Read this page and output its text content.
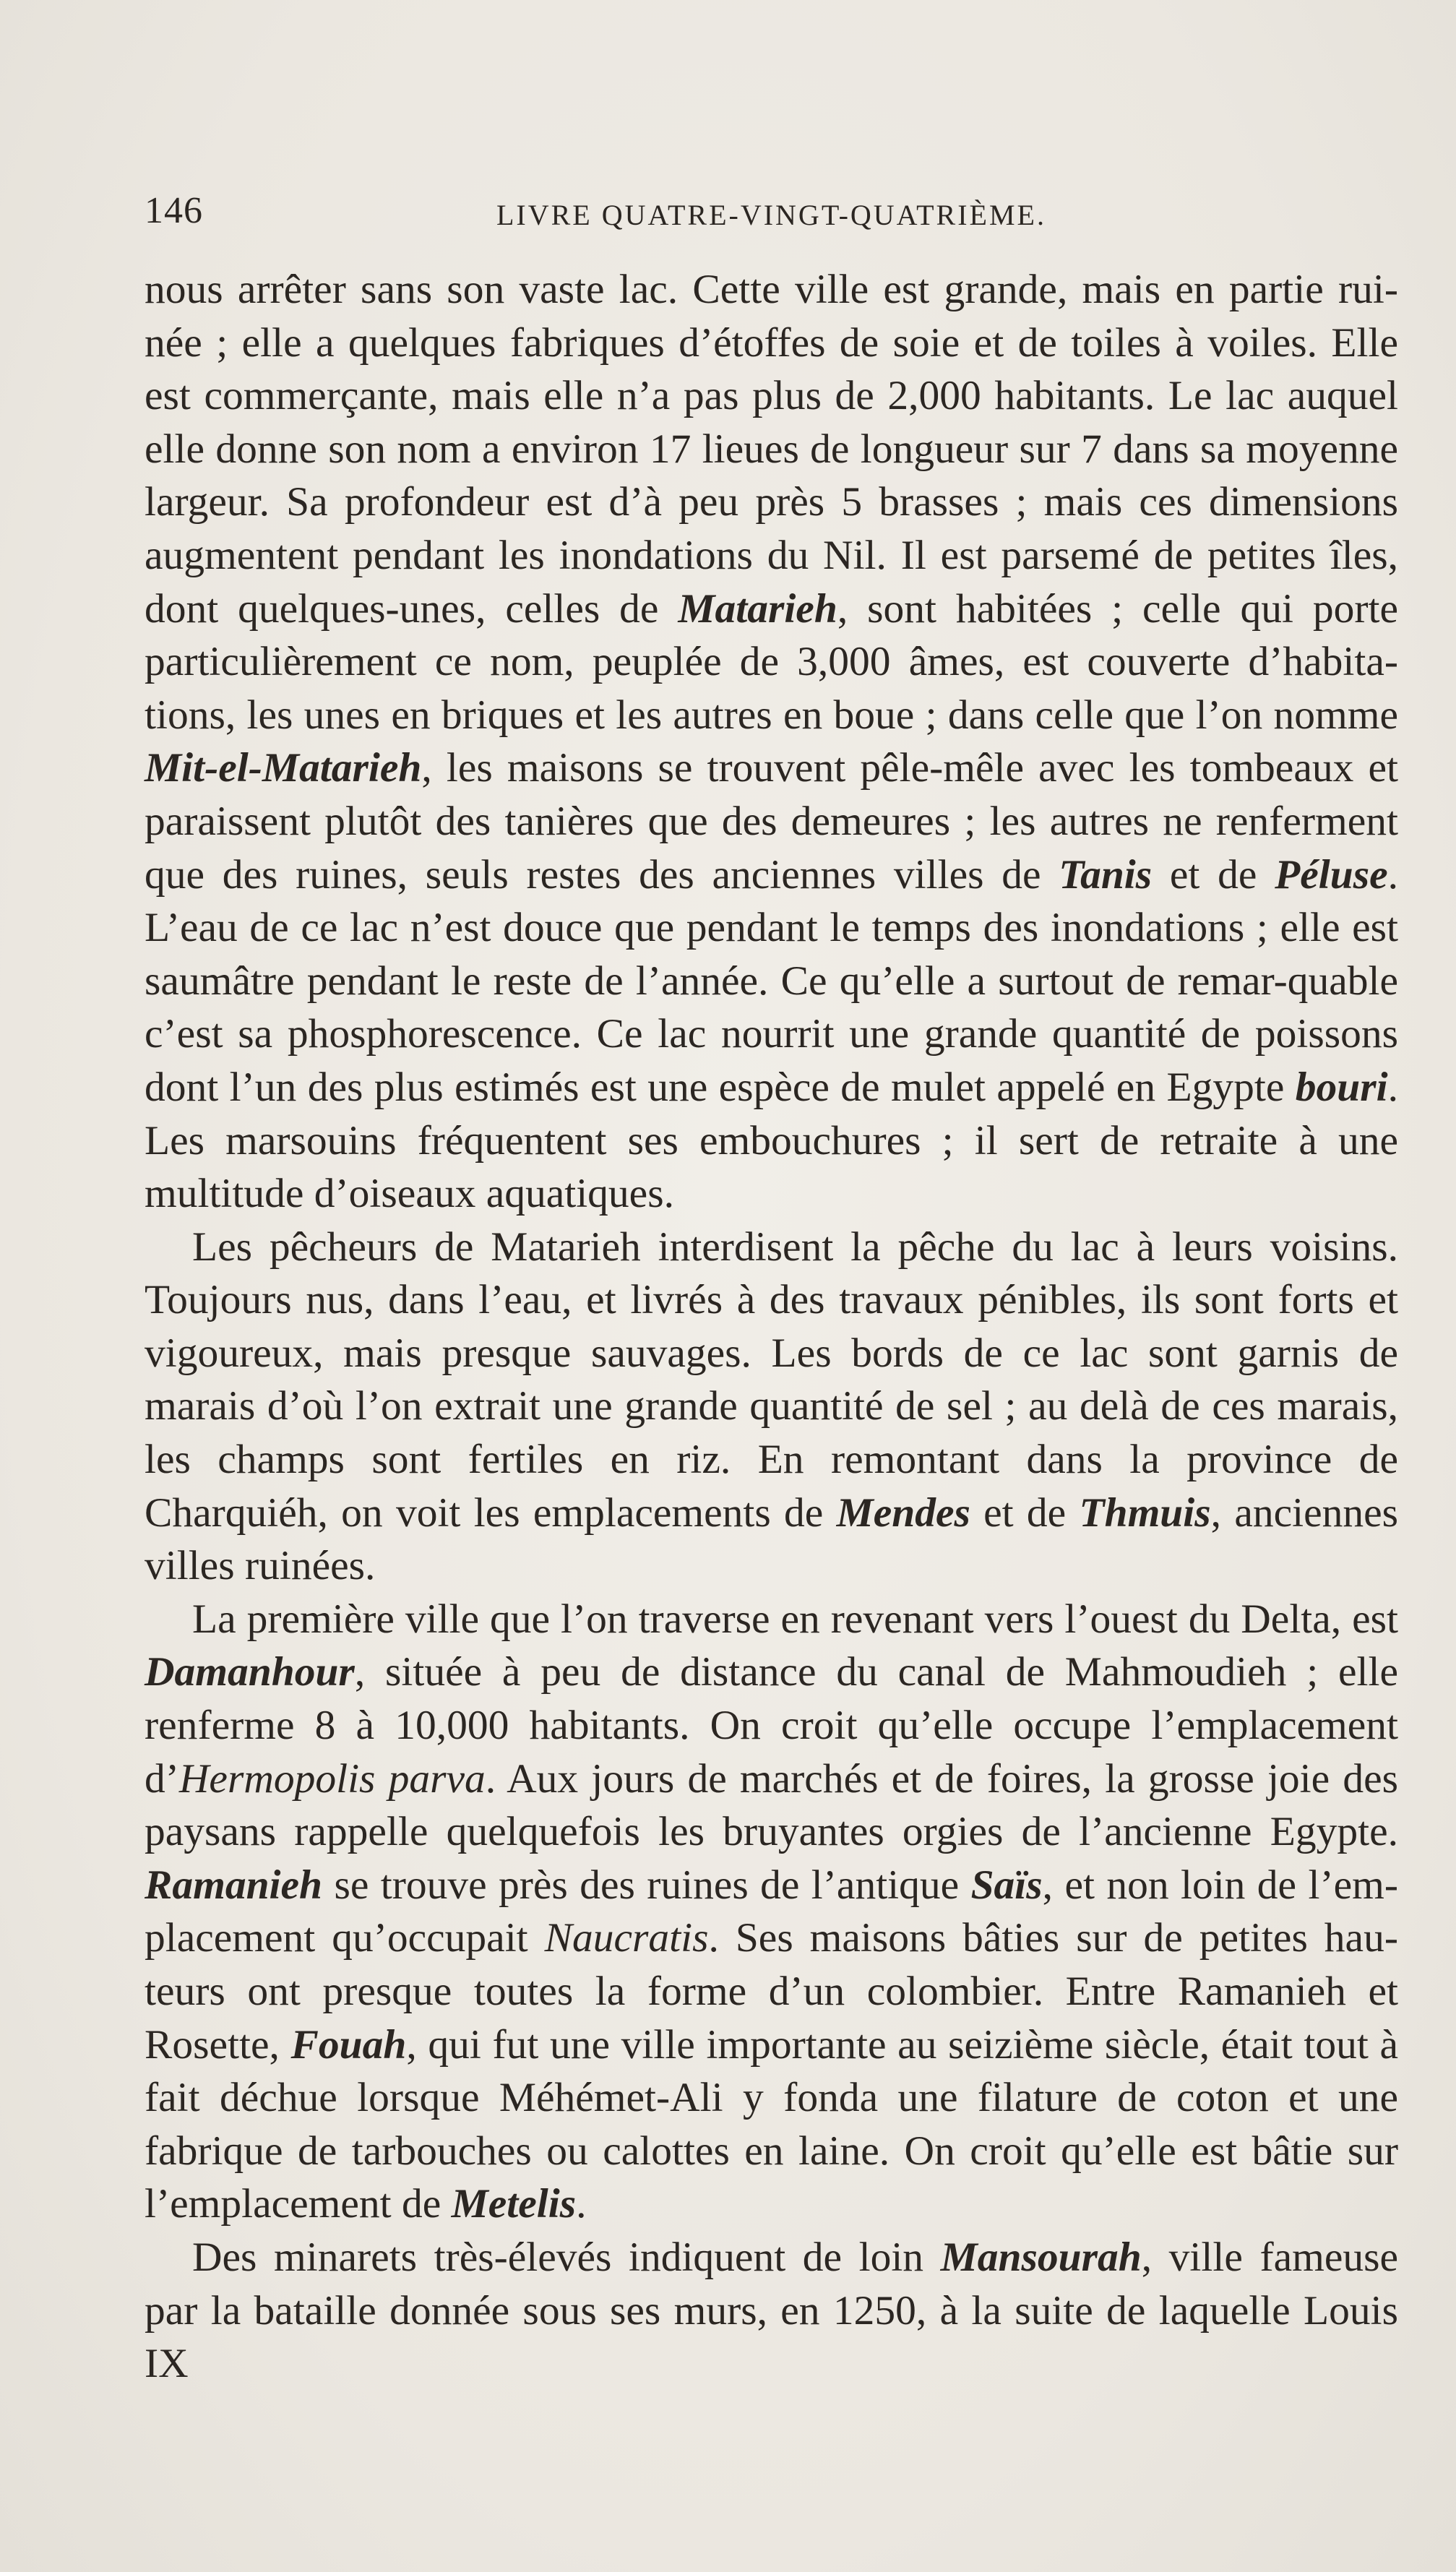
146	LIVRE QUATRE-VINGT-QUATRIÈME.

nous arrêter sans son vaste lac. Cette ville est grande, mais en partie rui-née ; elle a quelques fabriques d’étoffes de soie et de toiles à voiles. Elle est commerçante, mais elle n’a pas plus de 2,000 habitants. Le lac auquel elle donne son nom a environ 17 lieues de longueur sur 7 dans sa moyenne largeur. Sa profondeur est d’à peu près 5 brasses ; mais ces dimensions augmentent pendant les inondations du Nil. Il est parsemé de petites îles, dont quelques-unes, celles de Matarieh, sont habitées ; celle qui porte particulièrement ce nom, peuplée de 3,000 âmes, est couverte d’habita-tions, les unes en briques et les autres en boue ; dans celle que l’on nomme Mit-el-Matarieh, les maisons se trouvent pêle-mêle avec les tombeaux et paraissent plutôt des tanières que des demeures ; les autres ne renferment que des ruines, seuls restes des anciennes villes de Tanis et de Péluse. L’eau de ce lac n’est douce que pendant le temps des inondations ; elle est saumâtre pendant le reste de l’année. Ce qu’elle a surtout de remar-quable c’est sa phosphorescence. Ce lac nourrit une grande quantité de poissons dont l’un des plus estimés est une espèce de mulet appelé en Egypte bouri. Les marsouins fréquentent ses embouchures ; il sert de retraite à une multitude d’oiseaux aquatiques.

Les pêcheurs de Matarieh interdisent la pêche du lac à leurs voisins. Toujours nus, dans l’eau, et livrés à des travaux pénibles, ils sont forts et vigoureux, mais presque sauvages. Les bords de ce lac sont garnis de marais d’où l’on extrait une grande quantité de sel ; au delà de ces marais, les champs sont fertiles en riz. En remontant dans la province de Charquiéh, on voit les emplacements de Mendes et de Thmuis, anciennes villes ruinées.

La première ville que l’on traverse en revenant vers l’ouest du Delta, est Damanhour, située à peu de distance du canal de Mahmoudieh ; elle renferme 8 à 10,000 habitants. On croit qu’elle occupe l’emplacement d’Hermopolis parva. Aux jours de marchés et de foires, la grosse joie des paysans rappelle quelquefois les bruyantes orgies de l’ancienne Egypte. Ramanieh se trouve près des ruines de l’antique Saïs, et non loin de l’em-placement qu’occupait Naucratis. Ses maisons bâties sur de petites hau-teurs ont presque toutes la forme d’un colombier. Entre Ramanieh et Rosette, Fouah, qui fut une ville importante au seizième siècle, était tout à fait déchue lorsque Méhémet-Ali y fonda une filature de coton et une fabrique de tarbouches ou calottes en laine. On croit qu’elle est bâtie sur l’emplacement de Metelis.

Des minarets très-élevés indiquent de loin Mansourah, ville fameuse par la bataille donnée sous ses murs, en 1250, à la suite de laquelle Louis IX
